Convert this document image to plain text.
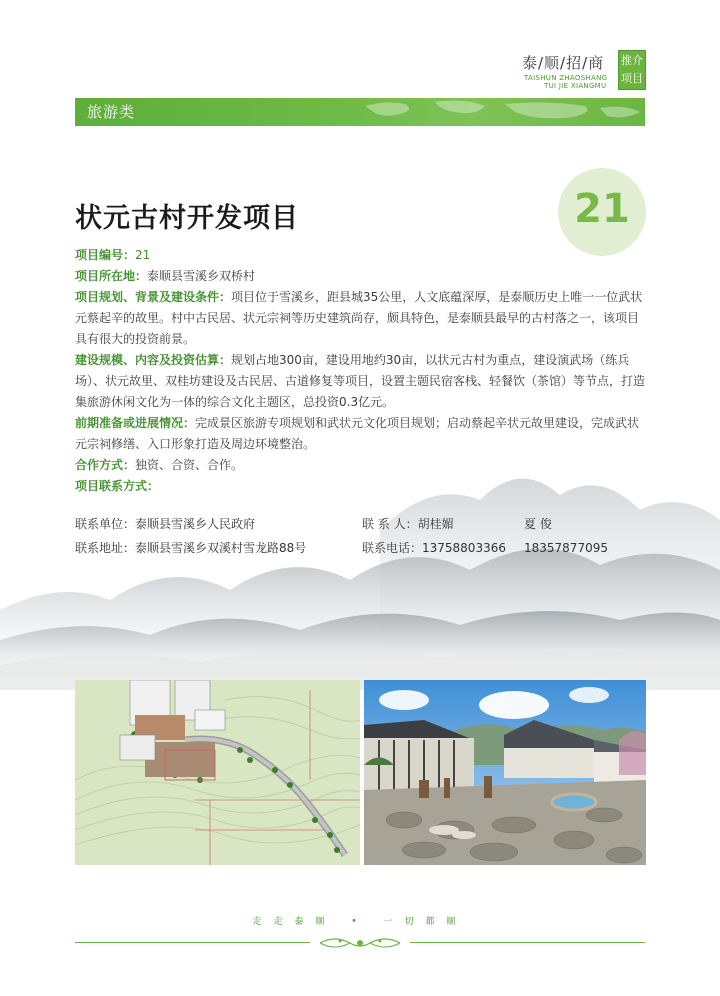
泰/顺/招/商
TAISHUN ZHAOSHANG
TUI JIE XIANGMU
推介
项目
旅游类
21
状元古村开发项目

项目编号：21

项目所在地：泰顺县雪溪乡双桥村

项目规划、背景及建设条件：项目位于雪溪乡，距县城35公里，人文底蕴深厚，是泰顺历史上唯一一位武状元蔡起辛的故里。村中古民居、状元宗祠等历史建筑尚存，颇具特色，是泰顺县最早的古村落之一，该项目具有很大的投资前景。

建设规模、内容及投资估算：规划占地300亩，建设用地约30亩，以状元古村为重点，建设演武场（练兵场）、状元故里、双桂坊建设及古民居、古道修复等项目，设置主题民宿客栈、轻餐饮（茶馆）等节点，打造集旅游休闲文化为一体的综合文化主题区，总投资0.3亿元。

前期准备或进展情况：完成景区旅游专项规划和武状元文化项目规划；启动蔡起辛状元故里建设，完成武状元宗祠修缮、入口形象打造及周边环境整治。

合作方式：独资、合资、合作。

项目联系方式：

联系单位：泰顺县雪溪乡人民政府	联 系 人：胡桂媚	夏 俊
联系地址：泰顺县雪溪乡双溪村雪龙路88号	联系电话：13758803366 18357877095
走走泰顺 • 一切都顺
